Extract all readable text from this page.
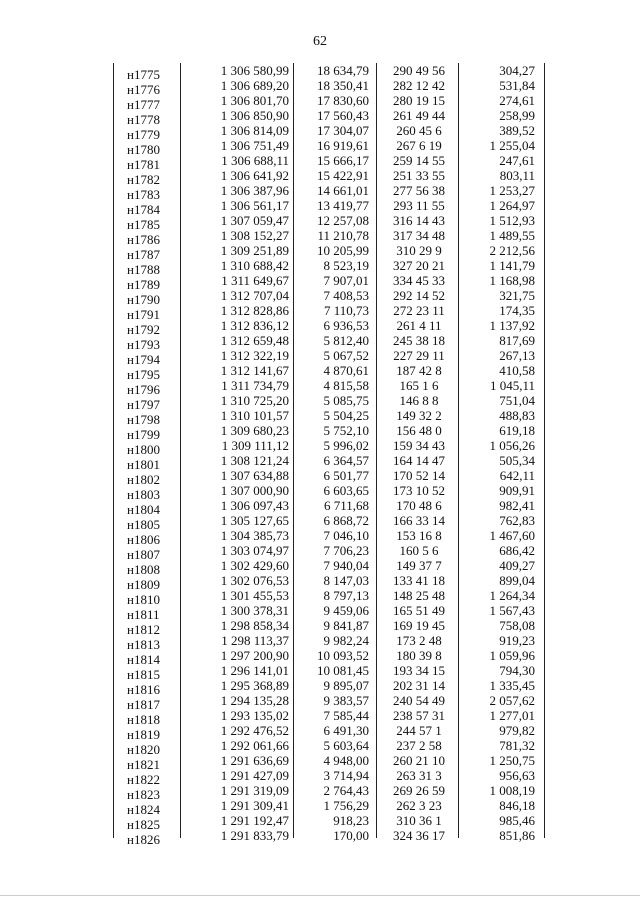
62
н1775	1 306 580,99	18 634,79	290 49 56	304,27
н1776	1 306 689,20	18 350,41	282 12 42	531,84
н1777	1 306 801,70	17 830,60	280 19 15	274,61
н1778	1 306 850,90	17 560,43	261 49 44	258,99
н1779	1 306 814,09	17 304,07	260 45 6	389,52
н1780	1 306 751,49	16 919,61	267 6 19	1 255,04
н1781	1 306 688,11	15 666,17	259 14 55	247,61
н1782	1 306 641,92	15 422,91	251 33 55	803,11
н1783	1 306 387,96	14 661,01	277 56 38	1 253,27
н1784	1 306 561,17	13 419,77	293 11 55	1 264,97
н1785	1 307 059,47	12 257,08	316 14 43	1 512,93
н1786	1 308 152,27	11 210,78	317 34 48	1 489,55
н1787	1 309 251,89	10 205,99	310 29 9	2 212,56
н1788	1 310 688,42	8 523,19	327 20 21	1 141,79
н1789	1 311 649,67	7 907,01	334 45 33	1 168,98
н1790	1 312 707,04	7 408,53	292 14 52	321,75
н1791	1 312 828,86	7 110,73	272 23 11	174,35
н1792	1 312 836,12	6 936,53	261 4 11	1 137,92
н1793	1 312 659,48	5 812,40	245 38 18	817,69
н1794	1 312 322,19	5 067,52	227 29 11	267,13
н1795	1 312 141,67	4 870,61	187 42 8	410,58
н1796	1 311 734,79	4 815,58	165 1 6	1 045,11
н1797	1 310 725,20	5 085,75	146 8 8	751,04
н1798	1 310 101,57	5 504,25	149 32 2	488,83
н1799	1 309 680,23	5 752,10	156 48 0	619,18
н1800	1 309 111,12	5 996,02	159 34 43	1 056,26
н1801	1 308 121,24	6 364,57	164 14 47	505,34
н1802	1 307 634,88	6 501,77	170 52 14	642,11
н1803	1 307 000,90	6 603,65	173 10 52	909,91
н1804	1 306 097,43	6 711,68	170 48 6	982,41
н1805	1 305 127,65	6 868,72	166 33 14	762,83
н1806	1 304 385,73	7 046,10	153 16 8	1 467,60
н1807	1 303 074,97	7 706,23	160 5 6	686,42
н1808	1 302 429,60	7 940,04	149 37 7	409,27
н1809	1 302 076,53	8 147,03	133 41 18	899,04
н1810	1 301 455,53	8 797,13	148 25 48	1 264,34
н1811	1 300 378,31	9 459,06	165 51 49	1 567,43
н1812	1 298 858,34	9 841,87	169 19 45	758,08
н1813	1 298 113,37	9 982,24	173 2 48	919,23
н1814	1 297 200,90	10 093,52	180 39 8	1 059,96
н1815	1 296 141,01	10 081,45	193 34 15	794,30
н1816	1 295 368,89	9 895,07	202 31 14	1 335,45
н1817	1 294 135,28	9 383,57	240 54 49	2 057,62
н1818	1 293 135,02	7 585,44	238 57 31	1 277,01
н1819	1 292 476,52	6 491,30	244 57 1	979,82
н1820	1 292 061,66	5 603,64	237 2 58	781,32
н1821	1 291 636,69	4 948,00	260 21 10	1 250,75
н1822	1 291 427,09	3 714,94	263 31 3	956,63
н1823	1 291 319,09	2 764,43	269 26 59	1 008,19
н1824	1 291 309,41	1 756,29	262 3 23	846,18
н1825	1 291 192,47	918,23	310 36 1	985,46
н1826	1 291 833,79	170,00	324 36 17	851,86
